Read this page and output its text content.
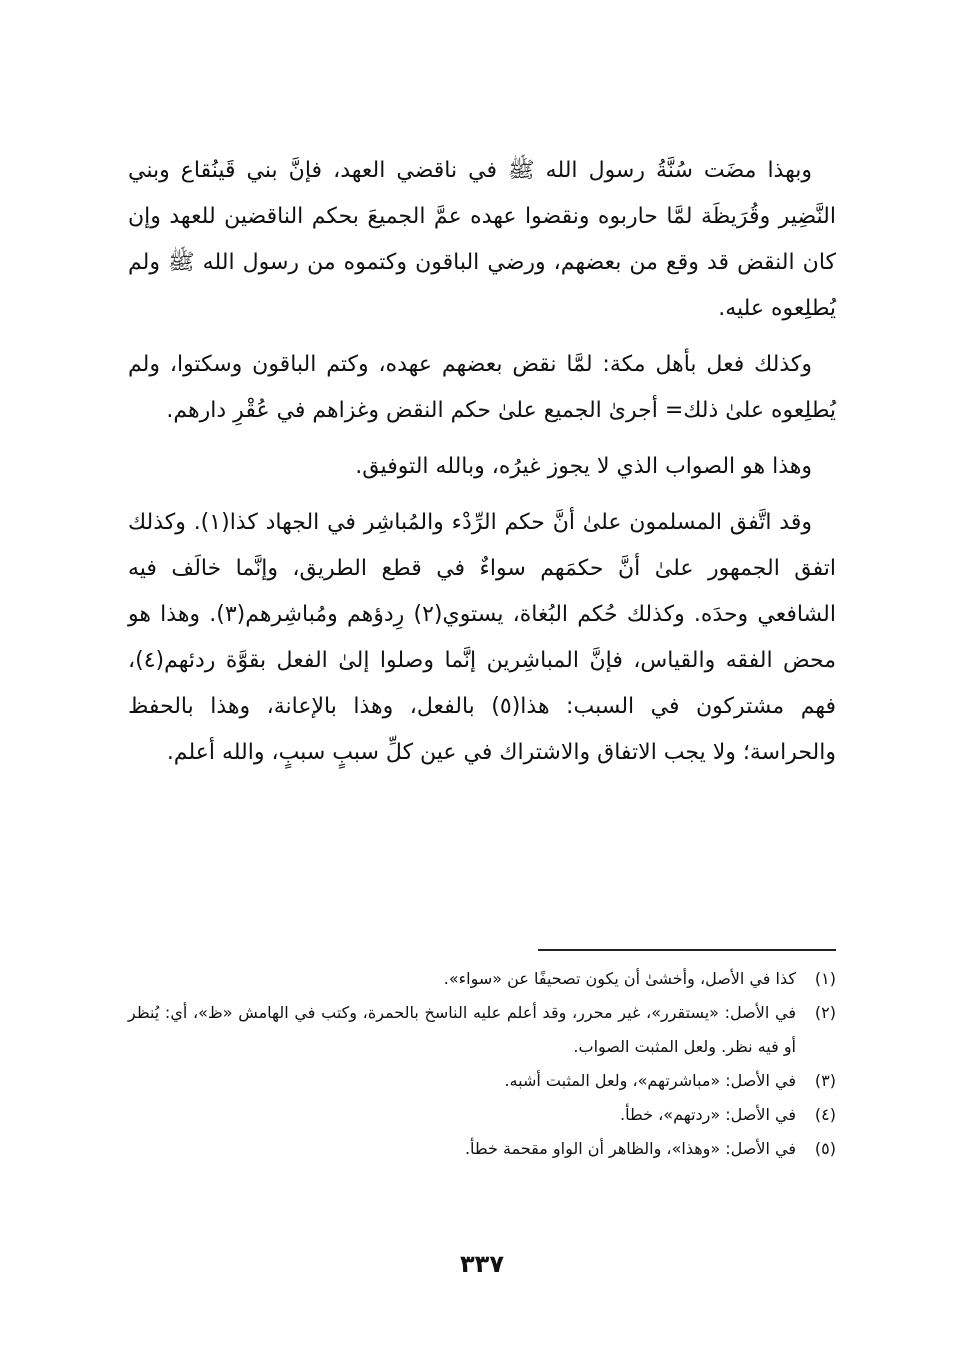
وبهذا مضَت سُنَّةُ رسول الله ﷺ في ناقضي العهد، فإنَّ بني قَينُقاع وبني النَّضِير وقُرَيظَة لمَّا حاربوه ونقضوا عهده عمَّ الجميعَ بحكم الناقضين للعهد وإن كان النقض قد وقع من بعضهم، ورضي الباقون وكتموه من رسول الله ﷺ ولم يُطلِعوه عليه.

وكذلك فعل بأهل مكة: لمَّا نقض بعضهم عهده، وكتم الباقون وسكتوا، ولم يُطلِعوه علىٰ ذلك= أجرىٰ الجميع علىٰ حكم النقض وغزاهم في عُقْرِ دارهم.

وهذا هو الصواب الذي لا يجوز غيرُه، وبالله التوفيق.

وقد اتَّفق المسلمون علىٰ أنَّ حكم الرِّدْء والمُباشِر في الجهاد كذا(١). وكذلك اتفق الجمهور علىٰ أنَّ حكمَهم سواءٌ في قطع الطريق، وإنَّما خالَف فيه الشافعي وحدَه. وكذلك حُكم البُغاة، يستوي(٢) رِدؤهم ومُباشِرهم(٣). وهذا هو محض الفقه والقياس، فإنَّ المباشِرين إنَّما وصلوا إلىٰ الفعل بقوَّة ردئهم(٤)، فهم مشتركون في السبب: هذا(٥) بالفعل، وهذا بالإعانة، وهذا بالحفظ والحراسة؛ ولا يجب الاتفاق والاشتراك في عين كلِّ سببٍ سببٍ، والله أعلم.

(١)
كذا في الأصل، وأخشىٰ أن يكون تصحيفًا عن «سواء».
(٢)
في الأصل: «يستقرر»، غير محرر، وقد أعلم عليه الناسخ بالحمرة، وكتب في الهامش «ظ»، أي: يُنظر أو فيه نظر. ولعل المثبت الصواب.
(٣)
في الأصل: «مباشرتهم»، ولعل المثبت أشبه.
(٤)
في الأصل: «ردتهم»، خطأ.
(٥)
في الأصل: «وهذا»، والظاهر أن الواو مقحمة خطأ.
٣٣٧
